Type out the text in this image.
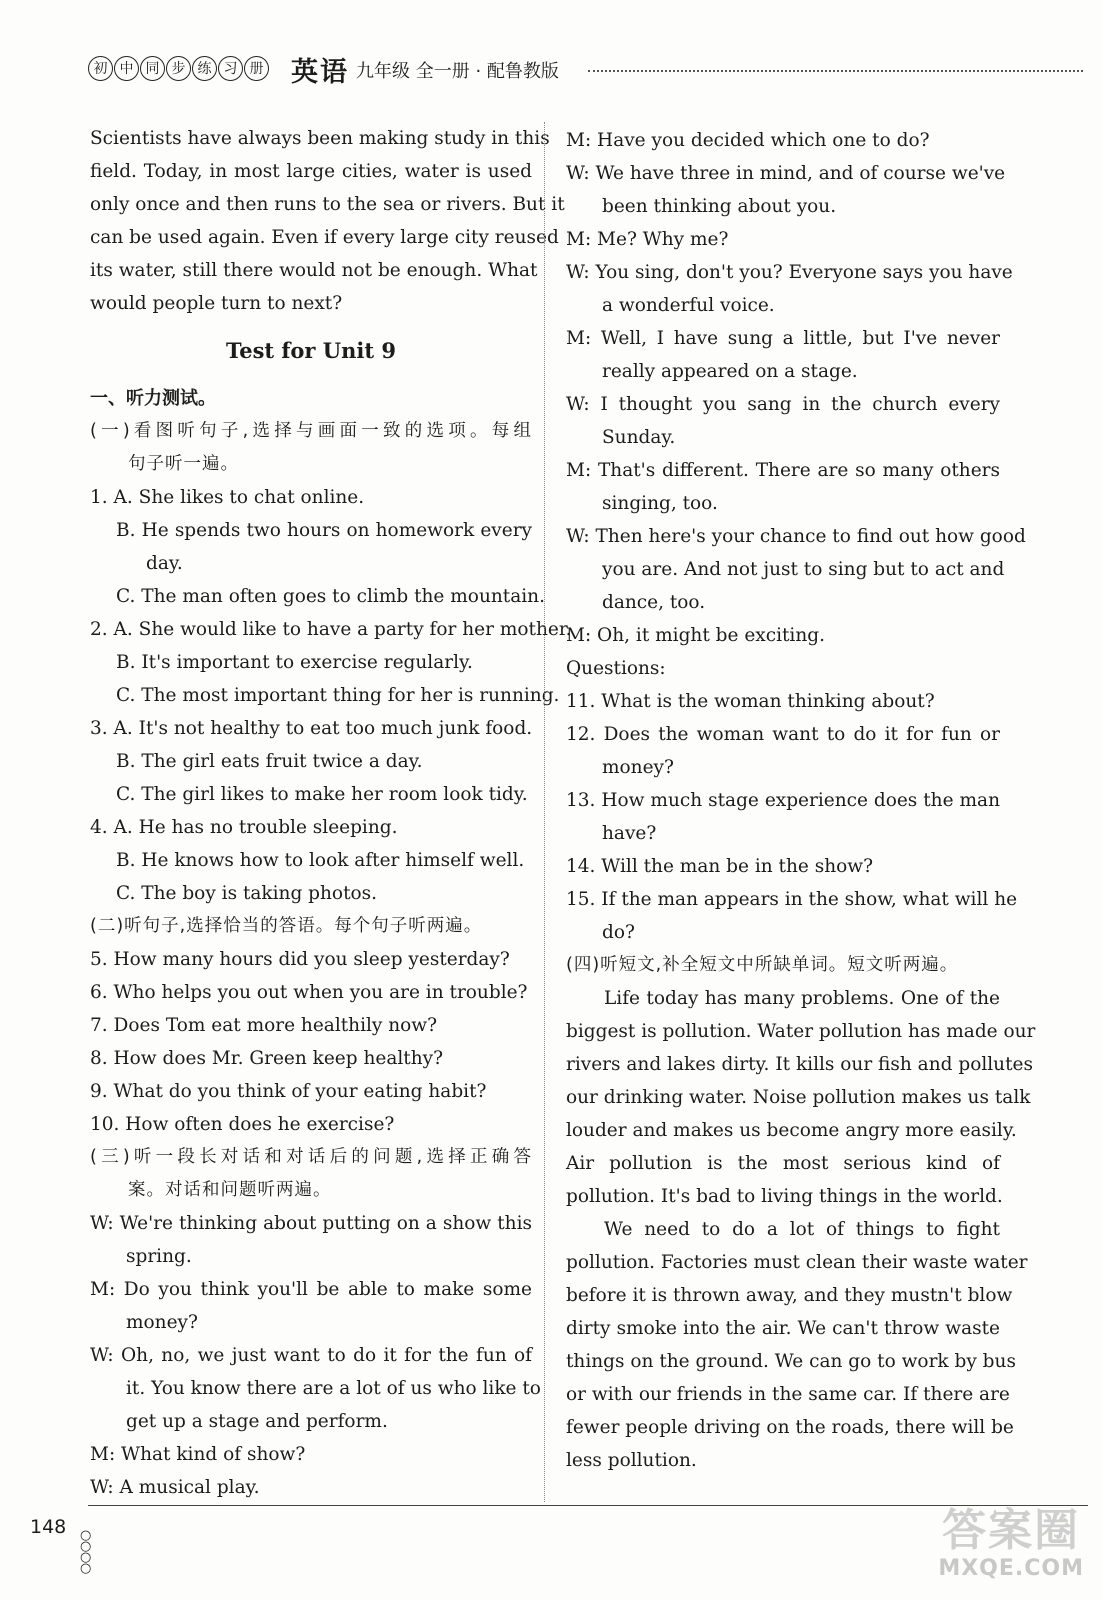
初 中 同 步 练 习 册 英语 九年级 全一册 · 配鲁教版
Scientists have always been making study in this
field. Today, in most large cities, water is used
only once and then runs to the sea or rivers. But it
can be used again. Even if every large city reused
its water, still there would not be enough. What
would people turn to next?
Test for Unit 9
一、听力测试。
(一)看图听句子,选择与画面一致的选项。每组
句子听一遍。
1. A. She likes to chat online.
B. He spends two hours on homework every
day.
C. The man often goes to climb the mountain.
2. A. She would like to have a party for her mother.
B. It's important to exercise regularly.
C. The most important thing for her is running.
3. A. It's not healthy to eat too much junk food.
B. The girl eats fruit twice a day.
C. The girl likes to make her room look tidy.
4. A. He has no trouble sleeping.
B. He knows how to look after himself well.
C. The boy is taking photos.
(二)听句子,选择恰当的答语。每个句子听两遍。
5. How many hours did you sleep yesterday?
6. Who helps you out when you are in trouble?
7. Does Tom eat more healthily now?
8. How does Mr. Green keep healthy?
9. What do you think of your eating habit?
10. How often does he exercise?
(三)听一段长对话和对话后的问题,选择正确答
案。对话和问题听两遍。
W: We're thinking about putting on a show this
spring.
M: Do you think you'll be able to make some
money?
W: Oh, no, we just want to do it for the fun of
it. You know there are a lot of us who like to
get up a stage and perform.
M: What kind of show?
W: A musical play.
M: Have you decided which one to do?
W: We have three in mind, and of course we've
been thinking about you.
M: Me? Why me?
W: You sing, don't you? Everyone says you have
a wonderful voice.
M: Well, I have sung a little, but I've never
really appeared on a stage.
W: I thought you sang in the church every
Sunday.
M: That's different. There are so many others
singing, too.
W: Then here's your chance to find out how good
you are. And not just to sing but to act and
dance, too.
M: Oh, it might be exciting.
Questions:
11. What is the woman thinking about?
12. Does the woman want to do it for fun or
money?
13. How much stage experience does the man
have?
14. Will the man be in the show?
15. If the man appears in the show, what will he
do?
(四)听短文,补全短文中所缺单词。短文听两遍。
Life today has many problems. One of the
biggest is pollution. Water pollution has made our
rivers and lakes dirty. It kills our fish and pollutes
our drinking water. Noise pollution makes us talk
louder and makes us become angry more easily.
Air pollution is the most serious kind of
pollution. It's bad to living things in the world.
We need to do a lot of things to fight
pollution. Factories must clean their waste water
before it is thrown away, and they mustn't blow
dirty smoke into the air. We can't throw waste
things on the ground. We can go to work by bus
or with our friends in the same car. If there are
fewer people driving on the roads, there will be
less pollution.
148 ○
○
○
○
答案圈
MXQE.COM
